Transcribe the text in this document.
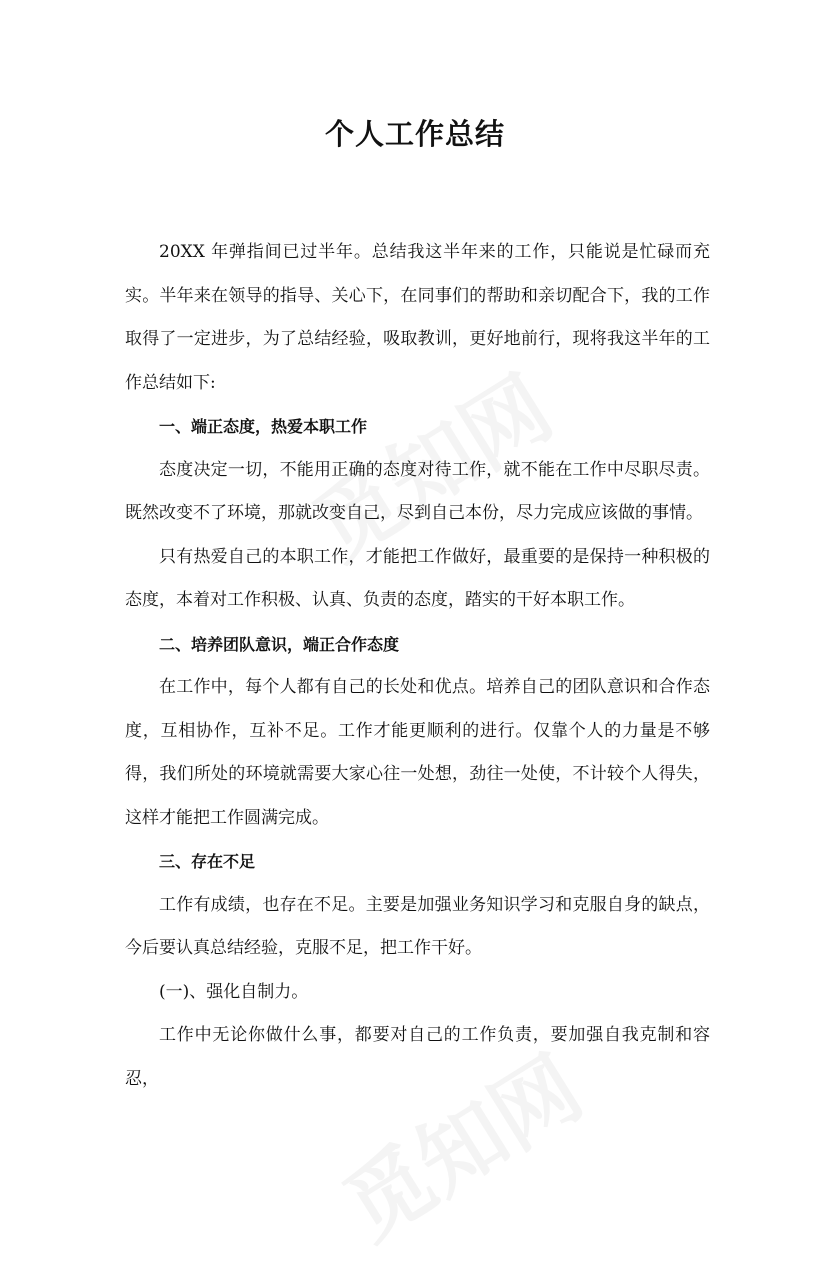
个人工作总结

20XX 年弹指间已过半年。总结我这半年来的工作，只能说是忙碌而充实。半年来在领导的指导、关心下，在同事们的帮助和亲切配合下，我的工作取得了一定进步，为了总结经验，吸取教训，更好地前行，现将我这半年的工作总结如下:

一、端正态度，热爱本职工作

态度决定一切，不能用正确的态度对待工作，就不能在工作中尽职尽责。既然改变不了环境，那就改变自己，尽到自己本份，尽力完成应该做的事情。

只有热爱自己的本职工作，才能把工作做好，最重要的是保持一种积极的态度，本着对工作积极、认真、负责的态度，踏实的干好本职工作。

二、培养团队意识，端正合作态度

在工作中，每个人都有自己的长处和优点。培养自己的团队意识和合作态度，互相协作，互补不足。工作才能更顺利的进行。仅靠个人的力量是不够得，我们所处的环境就需要大家心往一处想，劲往一处使，不计较个人得失，这样才能把工作圆满完成。

三、存在不足

工作有成绩，也存在不足。主要是加强业务知识学习和克服自身的缺点，今后要认真总结经验，克服不足，把工作干好。

(一)、强化自制力。

工作中无论你做什么事，都要对自己的工作负责，要加强自我克制和容忍，
